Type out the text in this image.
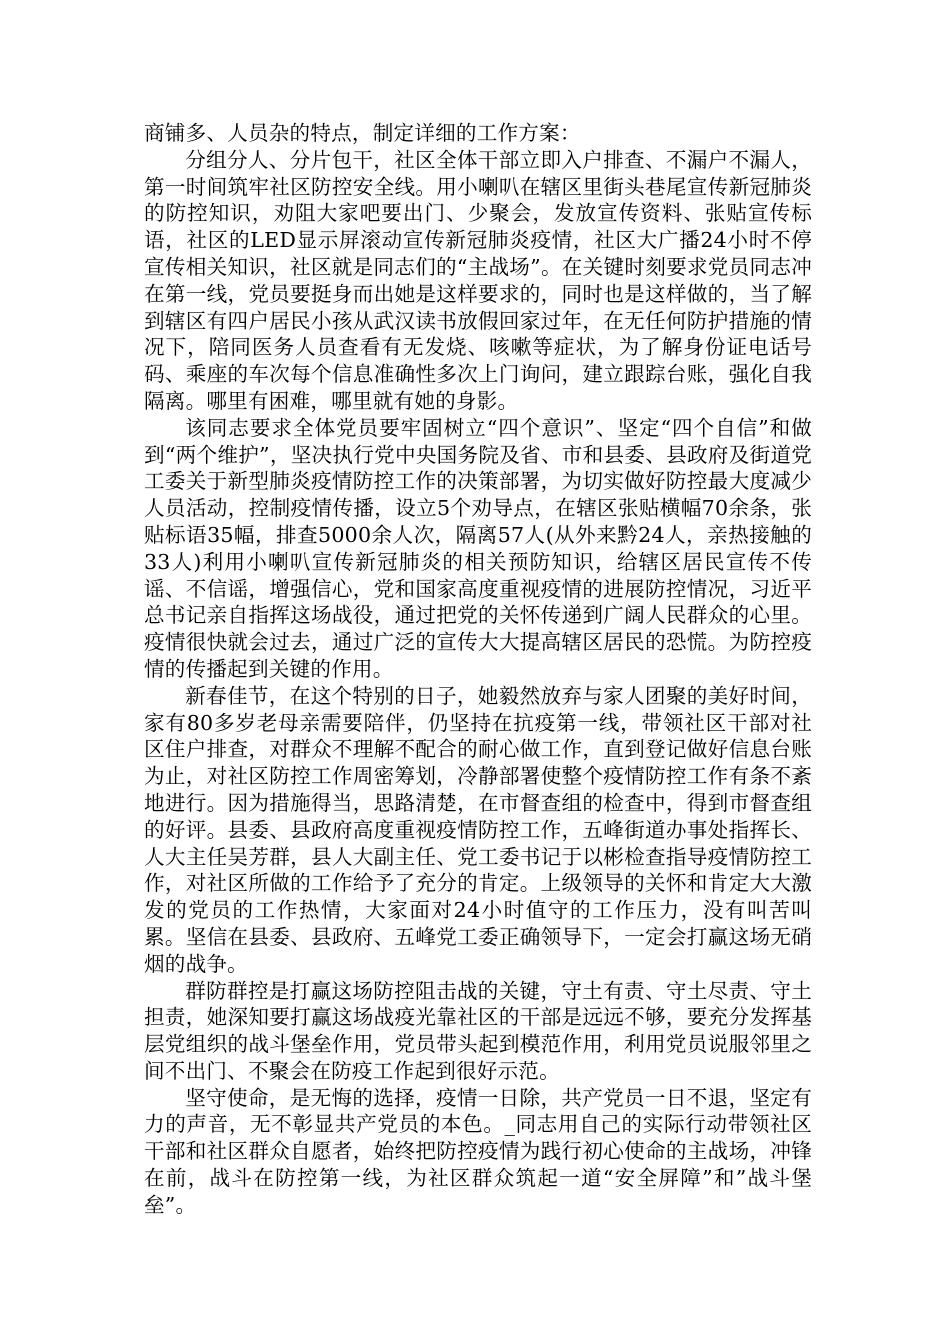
商铺多、人员杂的特点，制定详细的工作方案：

分组分人、分片包干，社区全体干部立即入户排查、不漏户不漏人，第一时间筑牢社区防控安全线。用小喇叭在辖区里街头巷尾宣传新冠肺炎的防控知识，劝阻大家吧要出门、少聚会，发放宣传资料、张贴宣传标语，社区的LED显示屏滚动宣传新冠肺炎疫情，社区大广播24小时不停宣传相关知识，社区就是同志们的“主战场”。在关键时刻要求党员同志冲在第一线，党员要挺身而出她是这样要求的，同时也是这样做的，当了解到辖区有四户居民小孩从武汉读书放假回家过年，在无任何防护措施的情况下，陪同医务人员查看有无发烧、咳嗽等症状，为了解身份证电话号码、乘座的车次每个信息准确性多次上门询问，建立跟踪台账，强化自我隔离。哪里有困难，哪里就有她的身影。

该同志要求全体党员要牢固树立“四个意识”、坚定“四个自信”和做到“两个维护”，坚决执行党中央国务院及省、市和县委、县政府及街道党工委关于新型肺炎疫情防控工作的决策部署，为切实做好防控最大度减少人员活动，控制疫情传播，设立5个劝导点，在辖区张贴横幅70余条，张贴标语35幅，排查5000余人次，隔离57人(从外来黔24人，亲热接触的33人)利用小喇叭宣传新冠肺炎的相关预防知识，给辖区居民宣传不传谣、不信谣，增强信心，党和国家高度重视疫情的进展防控情况，习近平总书记亲自指挥这场战役，通过把党的关怀传递到广阔人民群众的心里。疫情很快就会过去，通过广泛的宣传大大提高辖区居民的恐慌。为防控疫情的传播起到关键的作用。

新春佳节，在这个特别的日子，她毅然放弃与家人团聚的美好时间，家有80多岁老母亲需要陪伴，仍坚持在抗疫第一线，带领社区干部对社区住户排查，对群众不理解不配合的耐心做工作，直到登记做好信息台账为止，对社区防控工作周密筹划，冷静部署使整个疫情防控工作有条不紊地进行。因为措施得当，思路清楚，在市督查组的检查中，得到市督查组的好评。县委、县政府高度重视疫情防控工作，五峰街道办事处指挥长、人大主任吴芳群，县人大副主任、党工委书记于以彬检查指导疫情防控工作，对社区所做的工作给予了充分的肯定。上级领导的关怀和肯定大大激发的党员的工作热情，大家面对24小时值守的工作压力，没有叫苦叫累。坚信在县委、县政府、五峰党工委正确领导下，一定会打赢这场无硝烟的战争。

群防群控是打赢这场防控阻击战的关键，守土有责、守土尽责、守土担责，她深知要打赢这场战疫光靠社区的干部是远远不够，要充分发挥基层党组织的战斗堡垒作用，党员带头起到模范作用，利用党员说服邻里之间不出门、不聚会在防疫工作起到很好示范。

坚守使命，是无悔的选择，疫情一日除，共产党员一日不退，坚定有力的声音，无不彰显共产党员的本色。_同志用自己的实际行动带领社区干部和社区群众自愿者，始终把防控疫情为践行初心使命的主战场，冲锋在前，战斗在防控第一线，为社区群众筑起一道“安全屏障”和”战斗堡垒”。
